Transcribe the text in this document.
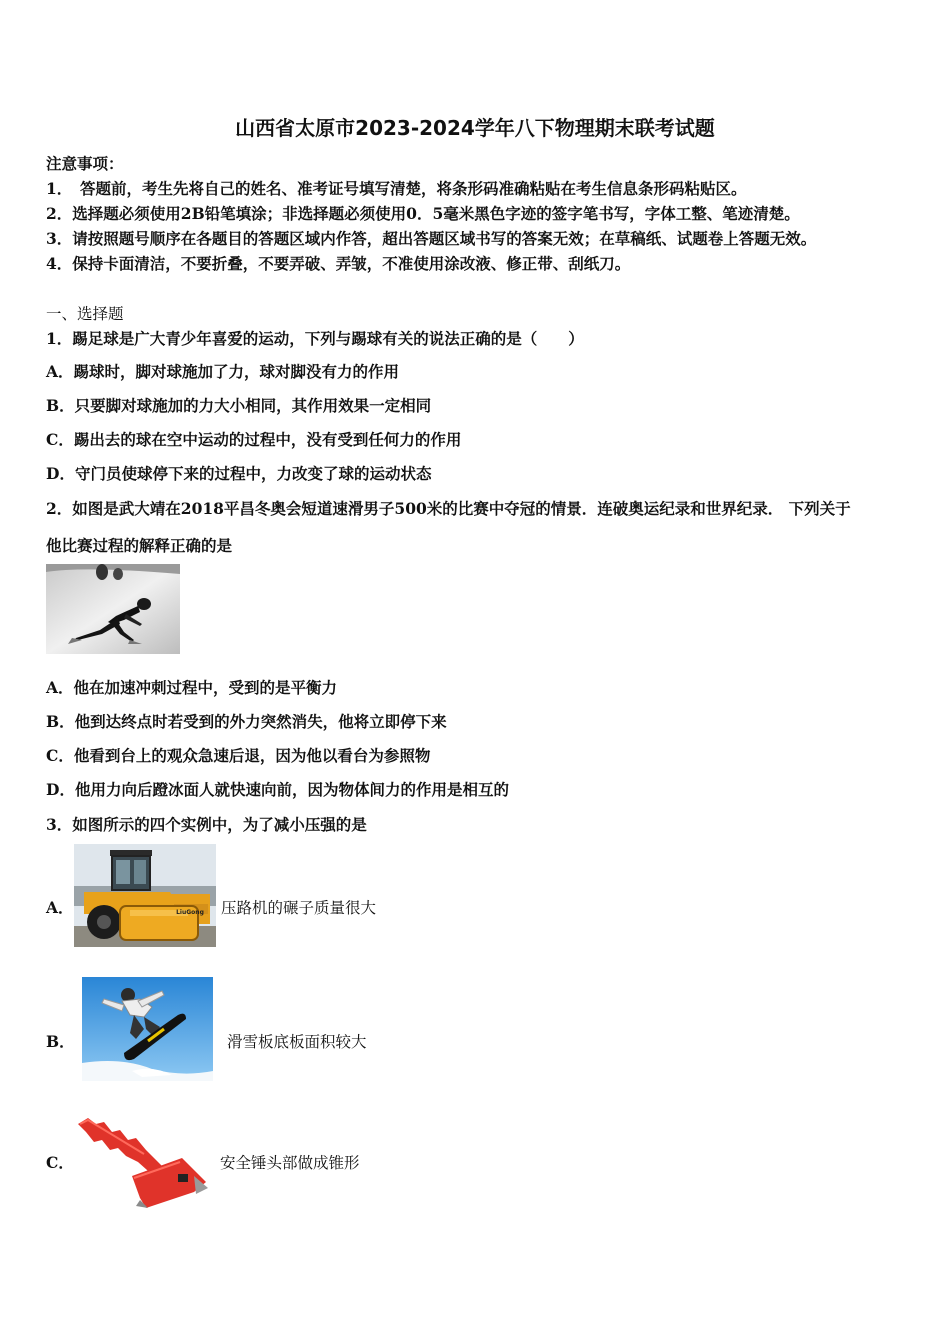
山西省太原市2023-2024学年八下物理期末联考试题
注意事项：
1．　答题前，考生先将自己的姓名、准考证号填写清楚，将条形码准确粘贴在考生信息条形码粘贴区。
2．选择题必须使用2B铅笔填涂；非选择题必须使用0．5毫米黑色字迹的签字笔书写，字体工整、笔迹清楚。
3．请按照题号顺序在各题目的答题区域内作答，超出答题区域书写的答案无效；在草稿纸、试题卷上答题无效。
4．保持卡面清洁，不要折叠，不要弄破、弄皱，不准使用涂改液、修正带、刮纸刀。
一、选择题
1．踢足球是广大青少年喜爱的运动，下列与踢球有关的说法正确的是（　　）
A．踢球时，脚对球施加了力，球对脚没有力的作用
B．只要脚对球施加的力大小相同，其作用效果一定相同
C．踢出去的球在空中运动的过程中，没有受到任何力的作用
D．守门员使球停下来的过程中，力改变了球的运动状态
2．如图是武大靖在2018平昌冬奥会短道速滑男子500米的比赛中夺冠的情景．连破奥运纪录和世界纪录． 下列关于
他比赛过程的解释正确的是
A．他在加速冲刺过程中，受到的是平衡力
B．他到达终点时若受到的外力突然消失，他将立即停下来
C．他看到台上的观众急速后退，因为他以看台为参照物
D．他用力向后蹬冰面人就快速向前，因为物体间力的作用是相互的
3．如图所示的四个实例中，为了减小压强的是
A．	LiuGong	压路机的碾子质量很大
B．	滑雪板底板面积较大
C．	安全锤头部做成锥形
